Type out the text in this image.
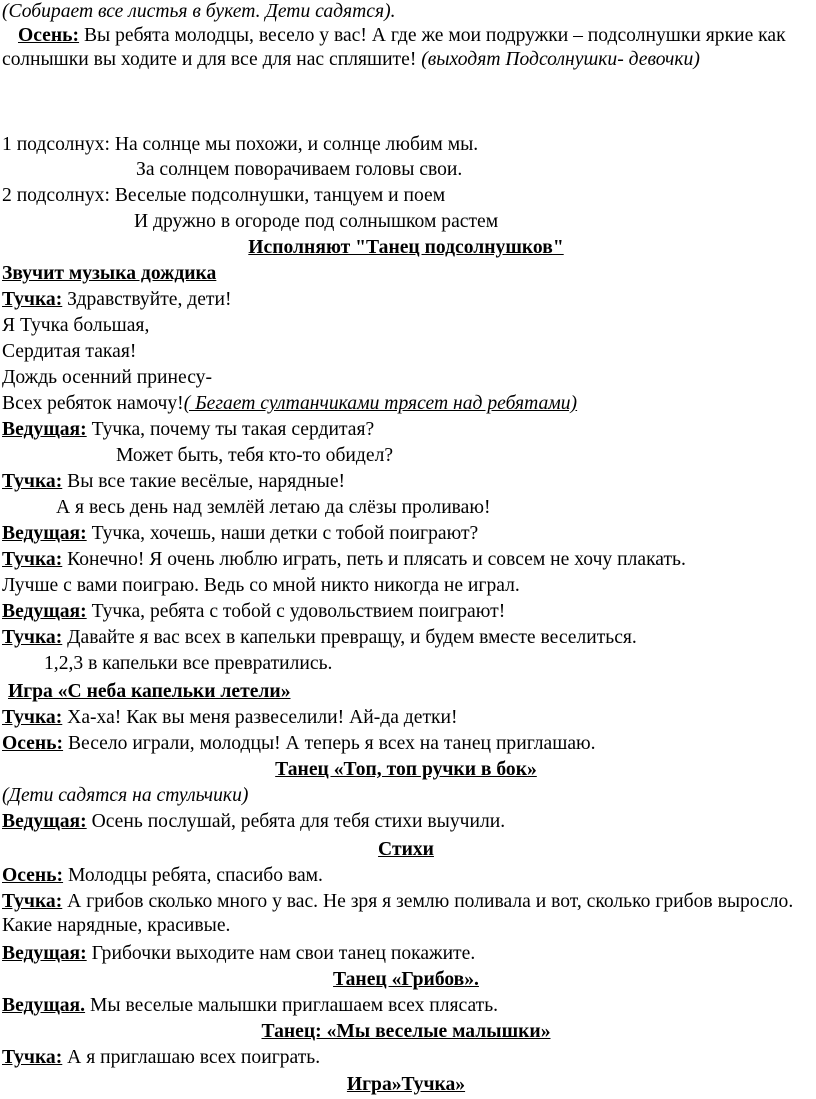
(Собирает все листья в букет. Дети садятся).
Осень: Вы ребята молодцы, весело у вас! А где же мои подружки – подсолнушки яркие как солнышки вы ходите и для все для нас спляшите! (выходят Подсолнушки- девочки)
1 подсолнух: На солнце мы похожи, и солнце любим мы.
За солнцем поворачиваем головы свои.
2 подсолнух: Веселые подсолнушки, танцуем и поем
И дружно в огороде под солнышком растем
Исполняют "Танец подсолнушков"
Звучит музыка дождика
Тучка: Здравствуйте, дети!
Я Тучка большая,
Сердитая такая!
Дождь осенний принесу-
Всех ребяток намочу!( Бегает султанчиками трясет над ребятами)
Ведущая: Тучка, почему ты такая сердитая?
Может быть, тебя кто-то обидел?
Тучка: Вы все такие весёлые, нарядные!
А я весь день над землёй летаю да слёзы проливаю!
Ведущая: Тучка, хочешь, наши детки с тобой поиграют?
Тучка: Конечно! Я очень люблю играть, петь и плясать и совсем не хочу плакать.
Лучше с вами поиграю. Ведь со мной никто никогда не играл.
Ведущая: Тучка, ребята с тобой с удовольствием поиграют!
Тучка: Давайте я вас всех в капельки превращу, и будем вместе веселиться.
1,2,3 в капельки все превратились.
Игра «С неба капельки летели»
Тучка: Ха-ха! Как вы меня развеселили! Ай-да детки!
Осень: Весело играли, молодцы! А теперь я всех на танец приглашаю.
Танец «Топ, топ ручки в бок»
(Дети садятся на стульчики)
Ведущая: Осень послушай, ребята для тебя стихи выучили.
Стихи
Осень: Молодцы ребята, спасибо вам.
Тучка: А грибов сколько много у вас. Не зря я землю поливала и вот, сколько грибов выросло. Какие нарядные, красивые.
Ведущая: Грибочки выходите нам свои танец покажите.
Танец «Грибов».
Ведущая. Мы веселые малышки приглашаем всех плясать.
Танец: «Мы веселые малышки»
Тучка: А я приглашаю всех поиграть.
Игра»Тучка»
